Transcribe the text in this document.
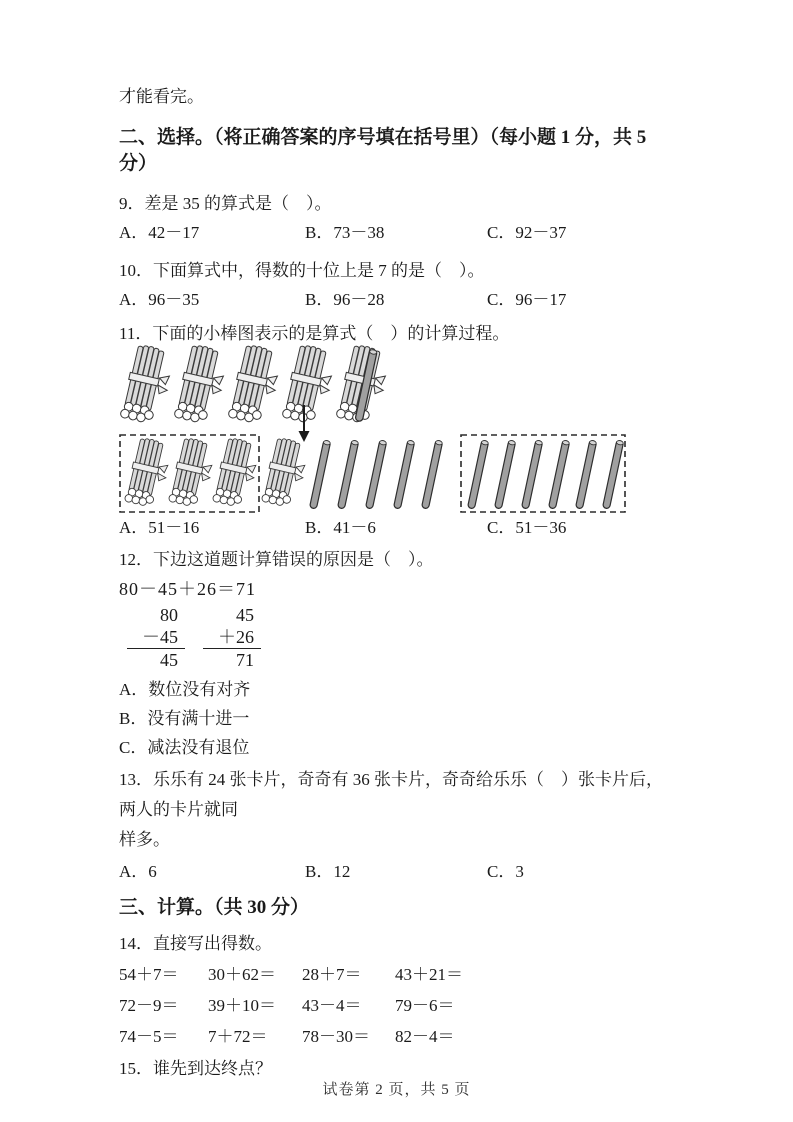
才能看完。

二、选择。（将正确答案的序号填在括号里）（每小题 1 分，共 5 分）

9．差是 35 的算式是（　）。

A．42－17	B．73－38	C．92－37

10．下面算式中，得数的十位上是 7 的是（　）。

A．96－35	B．96－28	C．96－17

11．下面的小棒图表示的是算式（　）的计算过程。

A．51－16	B．41－6	C．51－36

12．下边这道题计算错误的原因是（　）。

80－45＋26＝71

80
－45
45
45
＋26
71

A．数位没有对齐

B．没有满十进一

C．减法没有退位

13．乐乐有 24 张卡片，奇奇有 36 张卡片，奇奇给乐乐（　）张卡片后，两人的卡片就同
样多。
A．6	B．12	C．3
三、计算。（共 30 分）

14．直接写出得数。

54＋7＝	30＋62＝	28＋7＝	43＋21＝
72－9＝	39＋10＝	43－4＝	79－6＝
74－5＝	7＋72＝	78－30＝	82－4＝

15．谁先到达终点？

试卷第 2 页，共 5 页
